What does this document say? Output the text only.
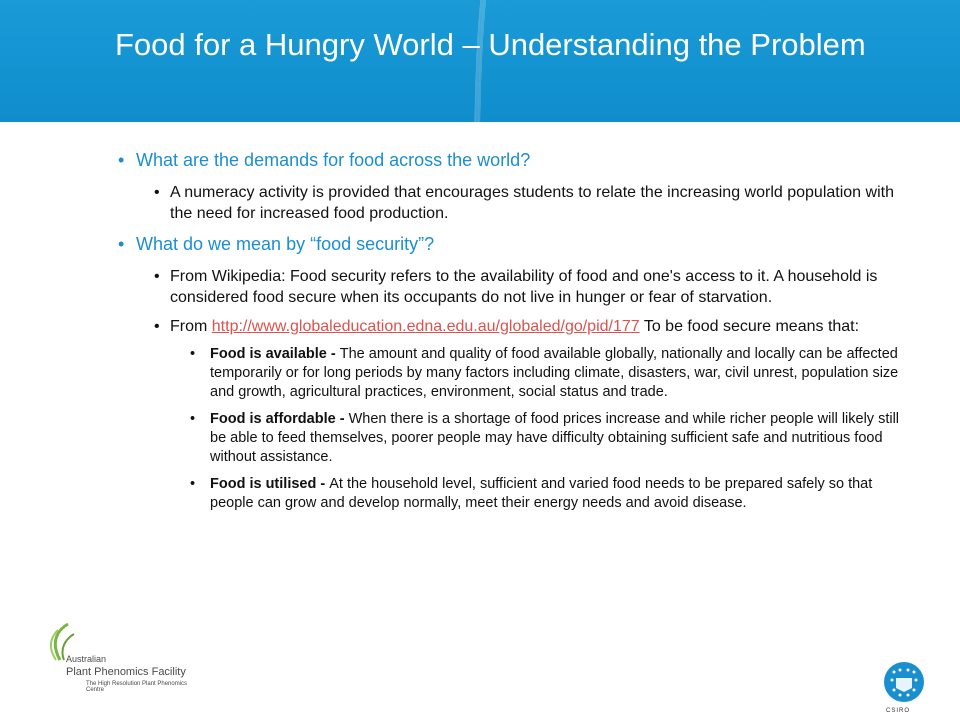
Food for a Hungry World – Understanding the Problem
• What are the demands for food across the world?
• A numeracy activity is provided that encourages students to relate the increasing world population with the need for increased food production.
• What do we mean by “food security”?
• From Wikipedia: Food security refers to the availability of food and one's access to it. A household is considered food secure when its occupants do not live in hunger or fear of starvation.
• From http://www.globaleducation.edna.edu.au/globaled/go/pid/177 To be food secure means that:
•	Food is available - The amount and quality of food available globally, nationally and locally can be affected temporarily or for long periods by many factors including climate, disasters, war, civil unrest, population size and growth, agricultural practices, environment, social status and trade.
•	Food is affordable - When there is a shortage of food prices increase and while richer people will likely still be able to feed themselves, poorer people may have difficulty obtaining sufficient safe and nutritious food without assistance.
•	Food is utilised - At the household level, sufficient and varied food needs to be prepared safely so that people can grow and develop normally, meet their energy needs and avoid disease.
Australian
Plant Phenomics Facility
The High Resolution Plant Phenomics Centre
CSIRO
